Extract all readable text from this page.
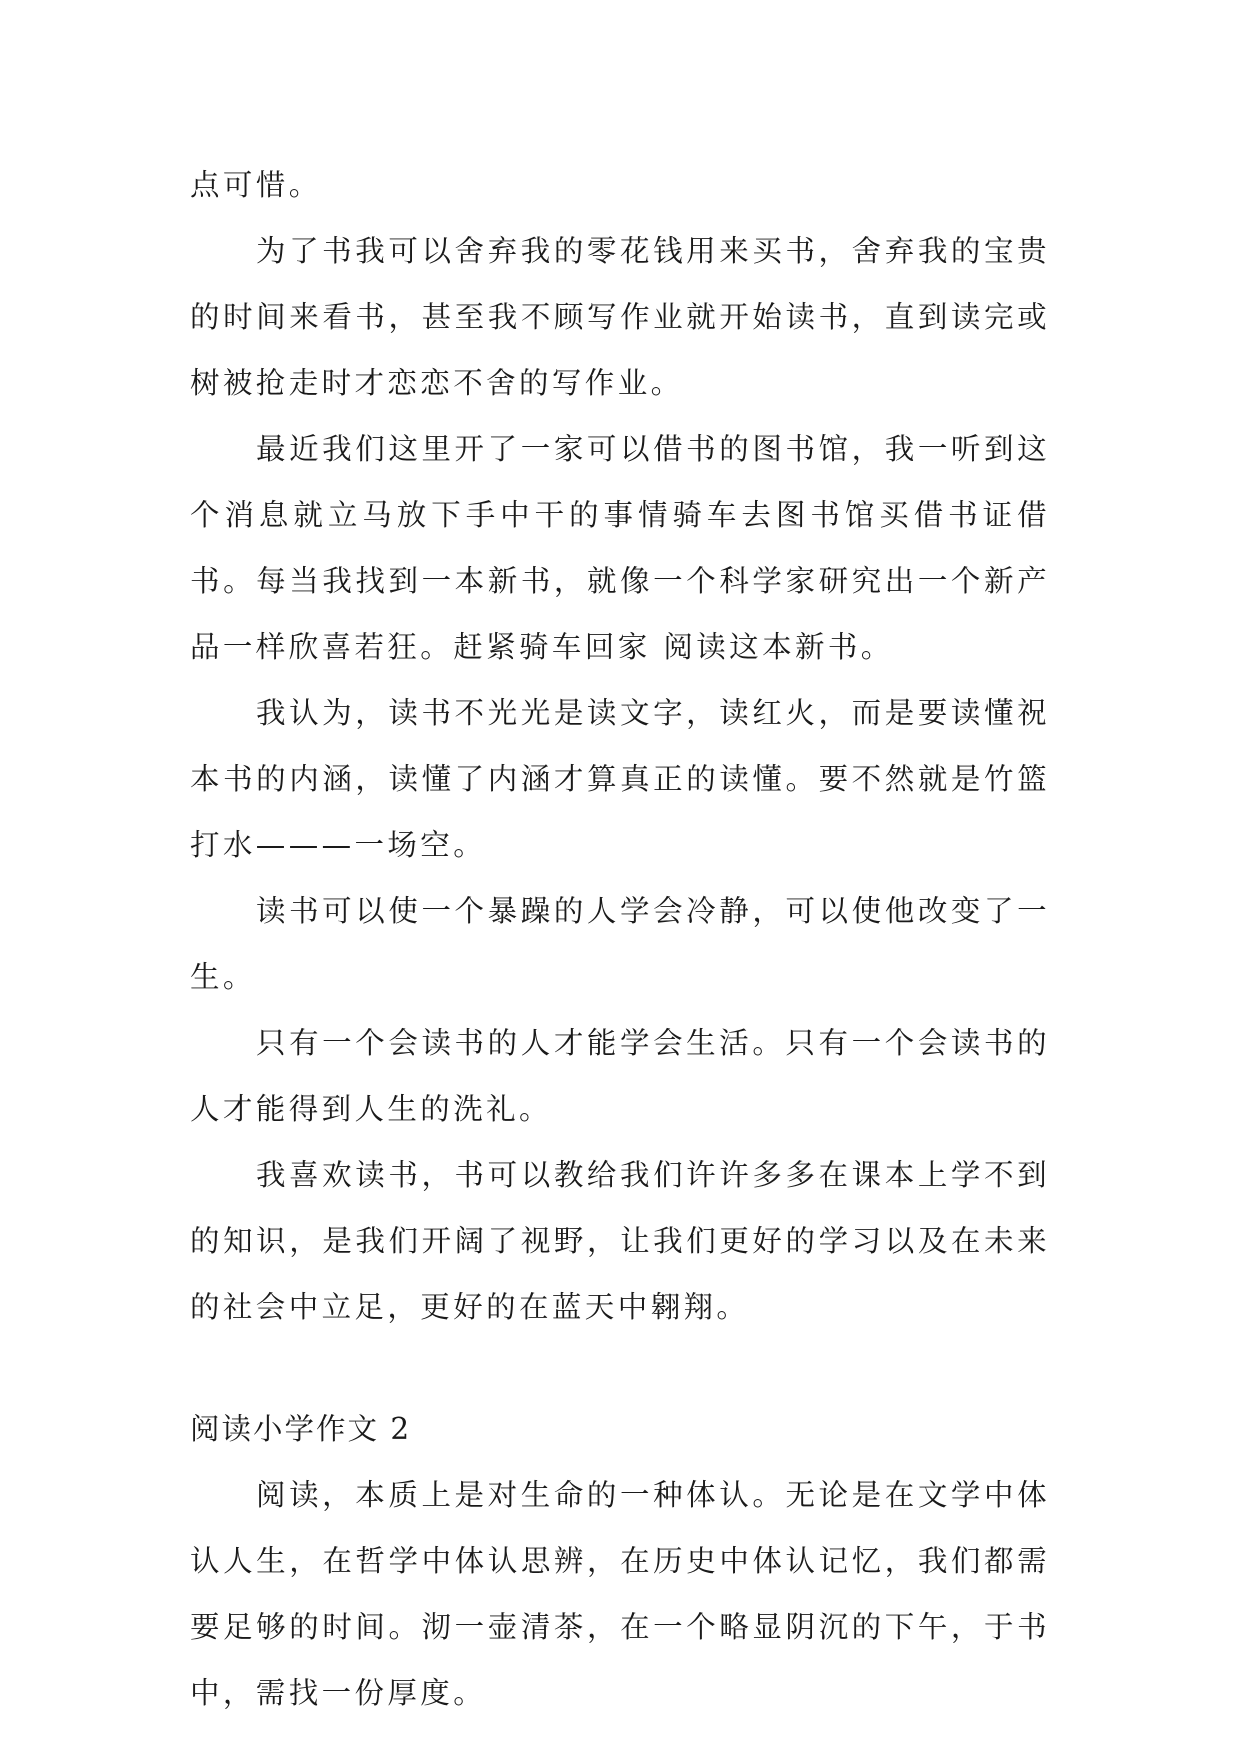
点可惜。

为了书我可以舍弃我的零花钱用来买书，舍弃我的宝贵的时间来看书，甚至我不顾写作业就开始读书，直到读完或树被抢走时才恋恋不舍的写作业。

最近我们这里开了一家可以借书的图书馆，我一听到这个消息就立马放下手中干的事情骑车去图书馆买借书证借书。每当我找到一本新书，就像一个科学家研究出一个新产品一样欣喜若狂。赶紧骑车回家 阅读这本新书。

我认为，读书不光光是读文字，读红火，而是要读懂祝本书的内涵，读懂了内涵才算真正的读懂。要不然就是竹篮打水———一场空。

读书可以使一个暴躁的人学会冷静，可以使他改变了一生。

只有一个会读书的人才能学会生活。只有一个会读书的人才能得到人生的洗礼。

我喜欢读书，书可以教给我们许许多多在课本上学不到的知识，是我们开阔了视野，让我们更好的学习以及在未来的社会中立足，更好的在蓝天中翱翔。

阅读小学作文 2

阅读，本质上是对生命的一种体认。无论是在文学中体认人生，在哲学中体认思辨，在历史中体认记忆，我们都需要足够的时间。沏一壶清茶，在一个略显阴沉的下午，于书中，需找一份厚度。
